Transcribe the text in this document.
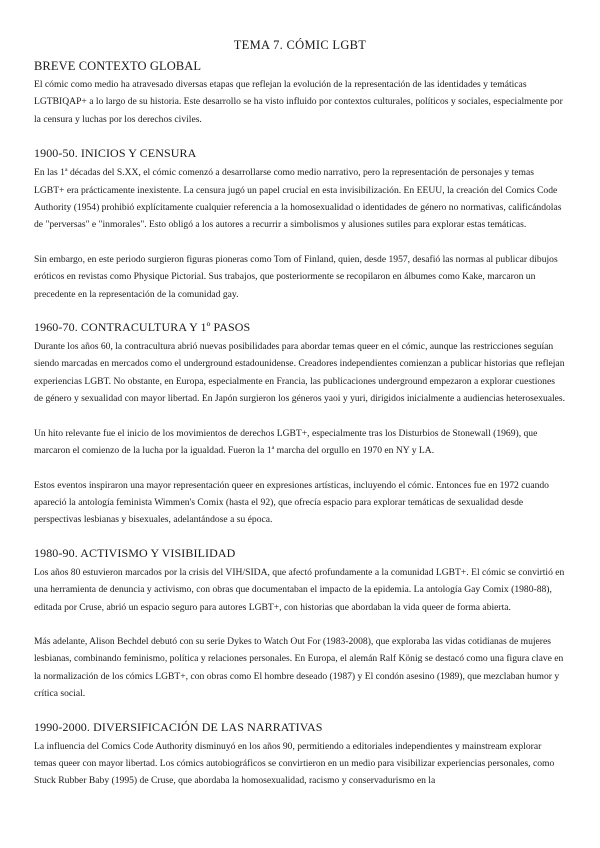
TEMA 7. CÓMIC LGBT
BREVE CONTEXTO GLOBAL

El cómic como medio ha atravesado diversas etapas que reflejan la evolución de la representación de las identidades y temáticas LGTBIQAP+ a lo largo de su historia. Este desarrollo se ha visto influido por contextos culturales, políticos y sociales, especialmente por la censura y luchas por los derechos civiles.

1900-50. INICIOS Y CENSURA

En las 1ª décadas del S.XX, el cómic comenzó a desarrollarse como medio narrativo, pero la representación de personajes y temas LGBT+ era prácticamente inexistente. La censura jugó un papel crucial en esta invisibilización. En EEUU, la creación del Comics Code Authority (1954) prohibió explícitamente cualquier referencia a la homosexualidad o identidades de género no normativas, calificándolas de "perversas" e "inmorales". Esto obligó a los autores a recurrir a simbolismos y alusiones sutiles para explorar estas temáticas.

Sin embargo, en este periodo surgieron figuras pioneras como Tom of Finland, quien, desde 1957, desafió las normas al publicar dibujos eróticos en revistas como Physique Pictorial. Sus trabajos, que posteriormente se recopilaron en álbumes como Kake, marcaron un precedente en la representación de la comunidad gay.

1960-70. CONTRACULTURA Y 1º PASOS

Durante los años 60, la contracultura abrió nuevas posibilidades para abordar temas queer en el cómic, aunque las restricciones seguían siendo marcadas en mercados como el underground estadounidense. Creadores independientes comienzan a publicar historias que reflejan experiencias LGBT. No obstante, en Europa, especialmente en Francia, las publicaciones underground empezaron a explorar cuestiones de género y sexualidad con mayor libertad. En Japón surgieron los géneros yaoi y yuri, dirigidos inicialmente a audiencias heterosexuales.

Un hito relevante fue el inicio de los movimientos de derechos LGBT+, especialmente tras los Disturbios de Stonewall (1969), que marcaron el comienzo de la lucha por la igualdad. Fueron la 1ª marcha del orgullo en 1970 en NY y LA.

Estos eventos inspiraron una mayor representación queer en expresiones artísticas, incluyendo el cómic. Entonces fue en 1972 cuando apareció la antología feminista Wimmen's Comix (hasta el 92), que ofrecía espacio para explorar temáticas de sexualidad desde perspectivas lesbianas y bisexuales, adelantándose a su época.

1980-90. ACTIVISMO Y VISIBILIDAD

Los años 80 estuvieron marcados por la crisis del VIH/SIDA, que afectó profundamente a la comunidad LGBT+. El cómic se convirtió en una herramienta de denuncia y activismo, con obras que documentaban el impacto de la epidemia. La antología Gay Comix (1980-88), editada por Cruse, abrió un espacio seguro para autores LGBT+, con historias que abordaban la vida queer de forma abierta.

Más adelante, Alison Bechdel debutó con su serie Dykes to Watch Out For (1983-2008), que exploraba las vidas cotidianas de mujeres lesbianas, combinando feminismo, política y relaciones personales. En Europa, el alemán Ralf König se destacó como una figura clave en la normalización de los cómics LGBT+, con obras como El hombre deseado (1987) y El condón asesino (1989), que mezclaban humor y crítica social.

1990-2000. DIVERSIFICACIÓN DE LAS NARRATIVAS

La influencia del Comics Code Authority disminuyó en los años 90, permitiendo a editoriales independientes y mainstream explorar temas queer con mayor libertad. Los cómics autobiográficos se convirtieron en un medio para visibilizar experiencias personales, como Stuck Rubber Baby (1995) de Cruse, que abordaba la homosexualidad, racismo y conservadurismo en la
